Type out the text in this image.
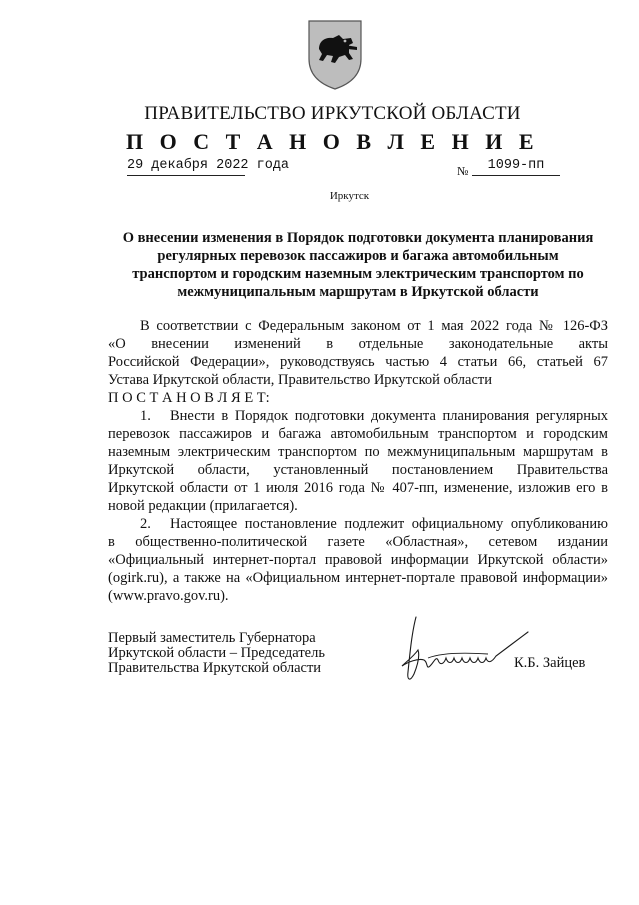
ПРАВИТЕЛЬСТВО ИРКУТСКОЙ ОБЛАСТИ
П О С Т А Н О В Л Е Н И Е
29 декабря 2022 года	№	1099-пп
Иркутск
О внесении изменения в Порядок подготовки документа планирования
регулярных перевозок пассажиров и багажа автомобильным
транспортом и городским наземным электрическим транспортом по
межмуниципальным маршрутам в Иркутской области
В соответствии с Федеральным законом от 1 мая 2022 года № 126-ФЗ
«О внесении изменений в отдельные законодательные акты
Российской Федерации», руководствуясь частью 4 статьи 66, статьей 67
Устава Иркутской области, Правительство Иркутской области
П О С Т А Н О В Л Я Е Т:
1. Внести в Порядок подготовки документа планирования регулярных
перевозок пассажиров и багажа автомобильным транспортом и городским
наземным электрическим транспортом по межмуниципальным маршрутам в
Иркутской области, установленный постановлением Правительства
Иркутской области от 1 июля 2016 года № 407-пп, изменение, изложив его в
новой редакции (прилагается).
2. Настоящее постановление подлежит официальному опубликованию
в общественно-политической газете «Областная», сетевом издании
«Официальный интернет-портал правовой информации Иркутской области»
(ogirk.ru), а также на «Официальном интернет-портале правовой информации»
(www.pravo.gov.ru).
Первый заместитель Губернатора
Иркутской области – Председатель
Правительства Иркутской области	К.Б. Зайцев
